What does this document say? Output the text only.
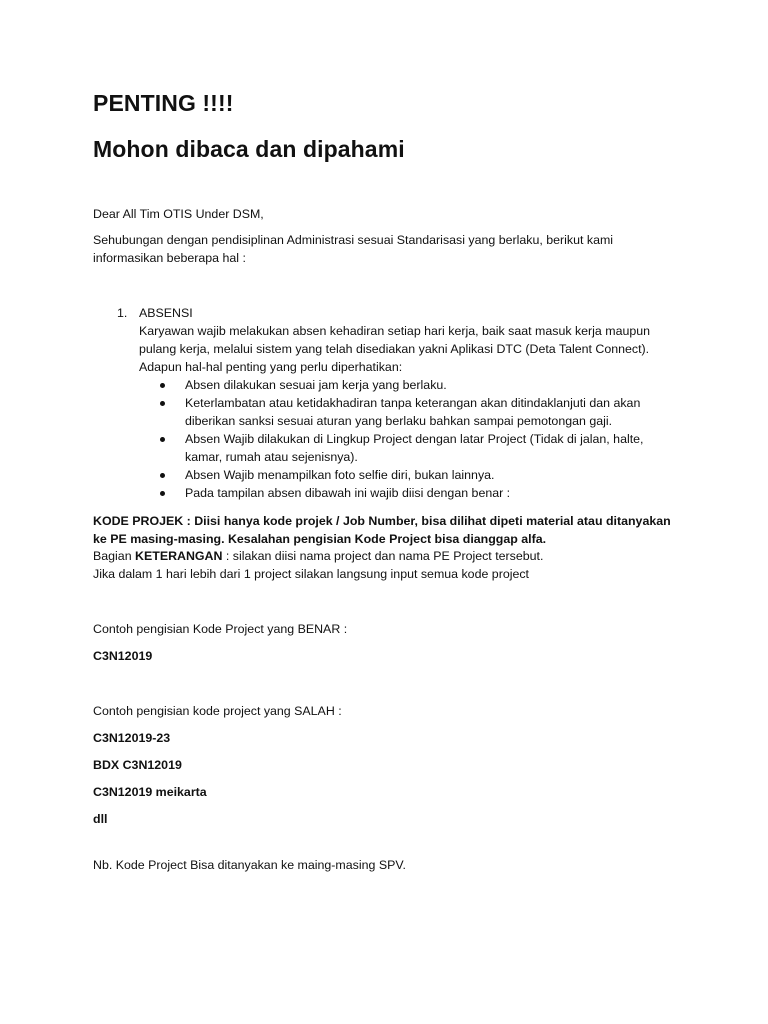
PENTING !!!!
Mohon dibaca dan dipahami
Dear All Tim OTIS Under DSM,
Sehubungan dengan pendisiplinan Administrasi sesuai Standarisasi yang berlaku, berikut kami informasikan beberapa hal :
1. ABSENSI
Karyawan wajib melakukan absen kehadiran setiap hari kerja, baik saat masuk kerja maupun
pulang kerja, melalui sistem yang telah disediakan yakni Aplikasi DTC (Deta Talent Connect).
Adapun hal-hal penting yang perlu diperhatikan:
Absen dilakukan sesuai jam kerja yang berlaku.
Keterlambatan atau ketidakhadiran tanpa keterangan akan ditindaklanjuti dan akan diberikan sanksi sesuai aturan yang berlaku bahkan sampai pemotongan gaji.
Absen Wajib dilakukan di Lingkup Project dengan latar Project (Tidak di jalan, halte, kamar, rumah atau sejenisnya).
Absen Wajib menampilkan foto selfie diri, bukan lainnya.
Pada tampilan absen dibawah ini wajib diisi dengan benar :
KODE PROJEK : Diisi hanya kode projek / Job Number, bisa dilihat dipeti material atau ditanyakan
ke PE masing-masing. Kesalahan pengisian Kode Project bisa dianggap alfa.
Bagian KETERANGAN : silakan diisi nama project dan nama PE Project tersebut.
Jika dalam 1 hari lebih dari 1 project silakan langsung input semua kode project
Contoh pengisian Kode Project yang BENAR :
C3N12019
Contoh pengisian kode project yang SALAH :
C3N12019-23
BDX C3N12019
C3N12019 meikarta
dll
Nb. Kode Project Bisa ditanyakan ke maing-masing SPV.
